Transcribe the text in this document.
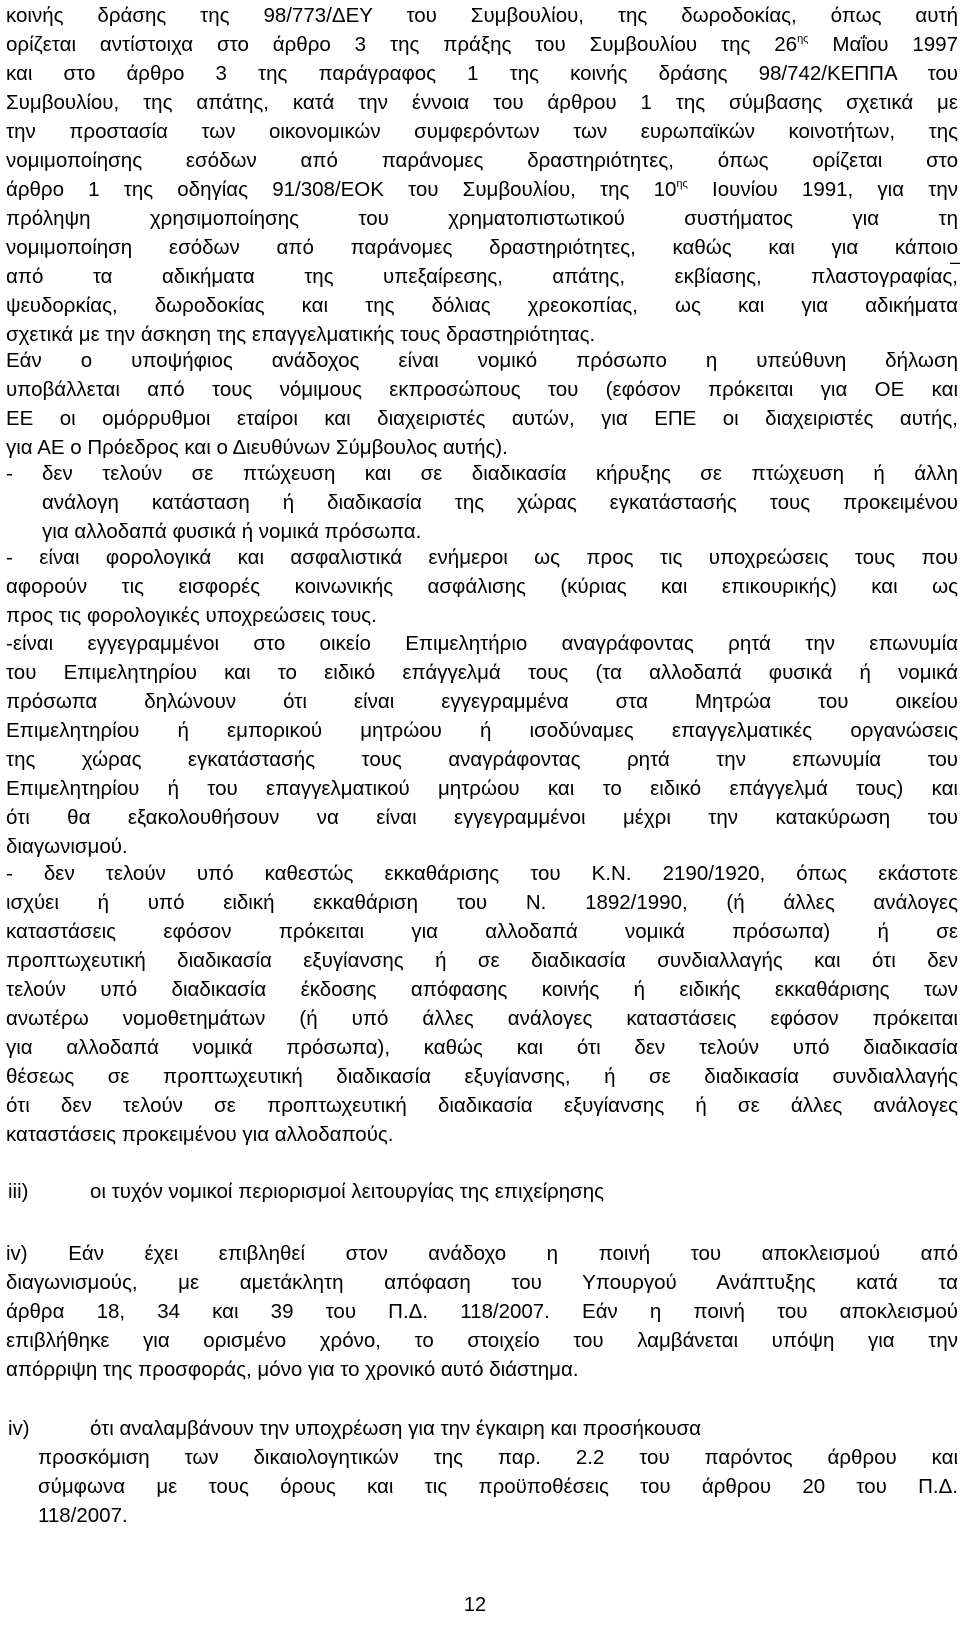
κοινής δράσης της 98/773/ΔΕΥ του Συμβουλίου, της δωροδοκίας, όπως αυτή
ορίζεται αντίστοιχα στο άρθρο 3 της πράξης του Συμβουλίου της $26^{\eta\varsigma}$ Μαΐου 1997
και στο άρθρο 3 της παράγραφος 1 της κοινής δράσης 98/742/ΚΕΠΠΑ του
Συμβουλίου, της απάτης, κατά την έννοια του άρθρου 1 της σύμβασης σχετικά με
την προστασία των οικονομικών συμφερόντων των ευρωπαϊκών κοινοτήτων, της
νομιμοποίησης εσόδων από παράνομες δραστηριότητες, όπως ορίζεται στο
άρθρο 1 της οδηγίας 91/308/ΕΟΚ του Συμβουλίου, της $10^{\eta\varsigma}$ Ιουνίου 1991, για την
πρόληψη χρησιμοποίησης του χρηματοπιστωτικού συστήματος για τη
νομιμοποίηση εσόδων από παράνομες δραστηριότητες, καθώς και για κάποιο
από τα αδικήματα της υπεξαίρεσης, απάτης, εκβίασης, πλαστογραφίας,
ψευδορκίας, δωροδοκίας και της δόλιας χρεοκοπίας, ως και για αδικήματα
σχετικά με την άσκηση της επαγγελματικής τους δραστηριότητας.
–
Εάν ο υποψήφιος ανάδοχος είναι νομικό πρόσωπο η υπεύθυνη δήλωση
υποβάλλεται από τους νόμιμους εκπροσώπους του (εφόσον πρόκειται για ΟΕ και
ΕΕ οι ομόρρυθμοι εταίροι και διαχειριστές αυτών, για ΕΠΕ οι διαχειριστές αυτής,
για ΑΕ ο Πρόεδρος και ο Διευθύνων Σύμβουλος αυτής).
- δεν τελούν σε πτώχευση και σε διαδικασία κήρυξης σε πτώχευση ή άλλη
ανάλογη κατάσταση ή διαδικασία της χώρας εγκατάστασής τους προκειμένου
για αλλοδαπά φυσικά ή νομικά πρόσωπα.
- είναι φορολογικά και ασφαλιστικά ενήμεροι ως προς τις υποχρεώσεις τους που
αφορούν τις εισφορές κοινωνικής ασφάλισης (κύριας και επικουρικής) και ως
προς τις φορολογικές υποχρεώσεις τους.
-είναι εγγεγραμμένοι στο οικείο Επιμελητήριο αναγράφοντας ρητά την επωνυμία
του Επιμελητηρίου και το ειδικό επάγγελμά τους (τα αλλοδαπά φυσικά ή νομικά
πρόσωπα δηλώνουν ότι είναι εγγεγραμμένα στα Μητρώα του οικείου
Επιμελητηρίου ή εμπορικού μητρώου ή ισοδύναμες επαγγελματικές οργανώσεις
της χώρας εγκατάστασής τους αναγράφοντας ρητά την επωνυμία του
Επιμελητηρίου ή του επαγγελματικού μητρώου και το ειδικό επάγγελμά τους) και
ότι θα εξακολουθήσουν να είναι εγγεγραμμένοι μέχρι την κατακύρωση του
διαγωνισμού.
- δεν τελούν υπό καθεστώς εκκαθάρισης του Κ.Ν. 2190/1920, όπως εκάστοτε
ισχύει ή υπό ειδική εκκαθάριση του Ν. 1892/1990, (ή άλλες ανάλογες
καταστάσεις εφόσον πρόκειται για αλλοδαπά νομικά πρόσωπα) ή σε
προπτωχευτική διαδικασία εξυγίανσης ή σε διαδικασία συνδιαλλαγής και ότι δεν
τελούν υπό διαδικασία έκδοσης απόφασης κοινής ή ειδικής εκκαθάρισης των
ανωτέρω νομοθετημάτων (ή υπό άλλες ανάλογες καταστάσεις εφόσον πρόκειται
για αλλοδαπά νομικά πρόσωπα), καθώς και ότι δεν τελούν υπό διαδικασία
θέσεως σε προπτωχευτική διαδικασία εξυγίανσης, ή σε διαδικασία συνδιαλλαγής
ότι δεν τελούν σε προπτωχευτική διαδικασία εξυγίανσης ή σε άλλες ανάλογες
καταστάσεις προκειμένου για αλλοδαπούς.
iii)	οι τυχόν νομικοί περιορισμοί λειτουργίας της επιχείρησης
iv) Εάν έχει επιβληθεί στον ανάδοχο η ποινή του αποκλεισμού από
διαγωνισμούς, με αμετάκλητη απόφαση του Υπουργού Ανάπτυξης κατά τα
άρθρα 18, 34 και 39 του Π.Δ. 118/2007. Εάν η ποινή του αποκλεισμού
επιβλήθηκε για ορισμένο χρόνο, το στοιχείο του λαμβάνεται υπόψη για την
απόρριψη της προσφοράς, μόνο για το χρονικό αυτό διάστημα.
iv)	ότι αναλαμβάνουν την υποχρέωση για την έγκαιρη και προσήκουσα
προσκόμιση των δικαιολογητικών της παρ. 2.2 του παρόντος άρθρου και
σύμφωνα με τους όρους και τις προϋποθέσεις του άρθρου 20 του Π.Δ.
118/2007.
12
